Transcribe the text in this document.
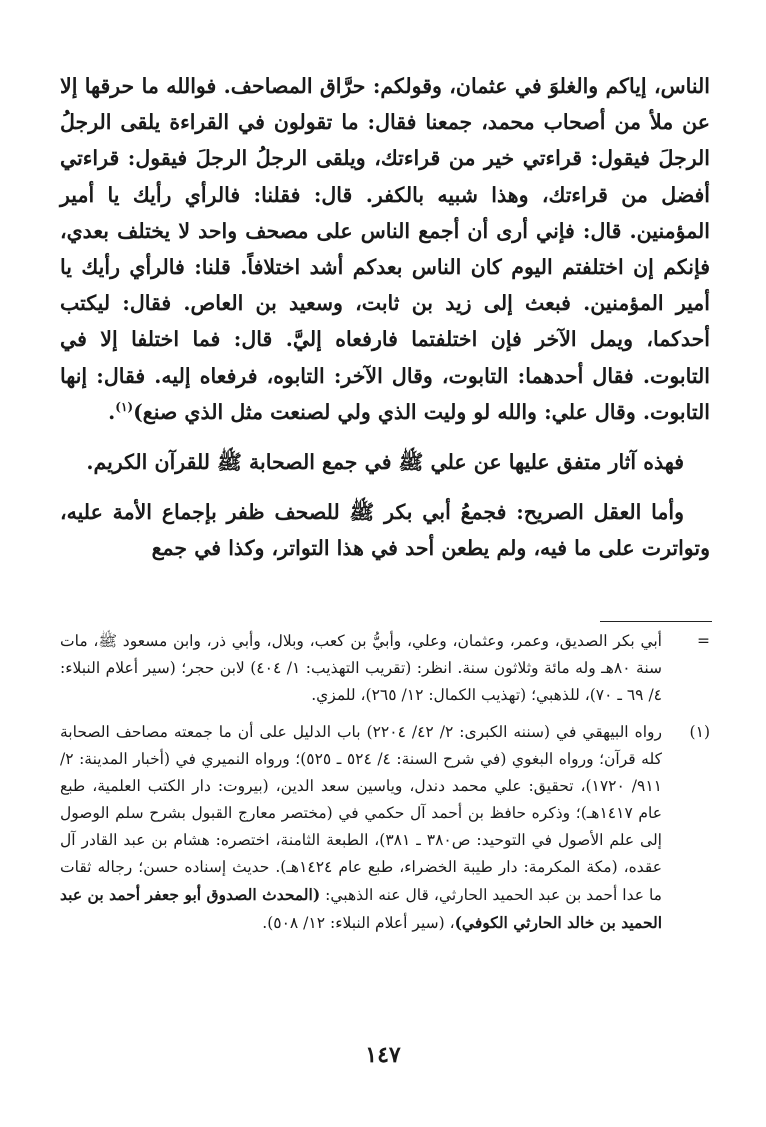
الناس، إياكم والغلوَ في عثمان، وقولكم: حرَّاق المصاحف. فوالله ما حرقها إلا عن ملأ من أصحاب محمد، جمعنا فقال: ما تقولون في القراءة يلقى الرجلُ الرجلَ فيقول: قراءتي خير من قراءتك، ويلقى الرجلُ الرجلَ فيقول: قراءتي أفضل من قراءتك، وهذا شبيه بالكفر. قال: فقلنا: فالرأي رأيك يا أمير المؤمنين. قال: فإني أرى أن أجمع الناس على مصحف واحد لا يختلف بعدي، فإنكم إن اختلفتم اليوم كان الناس بعدكم أشد اختلافاً. قلنا: فالرأي رأيك يا أمير المؤمنين. فبعث إلى زيد بن ثابت، وسعيد بن العاص. فقال: ليكتب أحدكما، ويمل الآخر فإن اختلفتما فارفعاه إليَّ. قال: فما اختلفا إلا في التابوت. فقال أحدهما: التابوت، وقال الآخر: التابوه، فرفعاه إليه. فقال: إنها التابوت. وقال علي: والله لو وليت الذي ولي لصنعت مثل الذي صنع)$^{(١)}$.

فهذه آثار متفق عليها عن علي ﷺ في جمع الصحابة ﷺ للقرآن الكريم.

وأما العقل الصريح: فجمعُ أبي بكر ﷺ للصحف ظفر بإجماع الأمة عليه، وتواترت على ما فيه، ولم يطعن أحد في هذا التواتر، وكذا في جمع

=
أبي بكر الصديق، وعمر، وعثمان، وعلي، وأبيُّ بن كعب، وبلال، وأبي ذر، وابن مسعود ﷺ، مات سنة ٨٠هـ وله مائة وثلاثون سنة. انظر: (تقريب التهذيب: ١/ ٤٠٤) لابن حجر؛ (سير أعلام النبلاء: ٤/ ٦٩ ـ ٧٠)، للذهبي؛ (تهذيب الكمال: ١٢/ ٢٦٥)، للمزي.
(١)
رواه البيهقي في (سننه الكبرى: ٢/ ٤٢/ ٢٢٠٤) باب الدليل على أن ما جمعته مصاحف الصحابة كله قرآن؛ ورواه البغوي (في شرح السنة: ٤/ ٥٢٤ ـ ٥٢٥)؛ ورواه النميري في (أخبار المدينة: ٢/ ٩١١/ ١٧٢٠)، تحقيق: علي محمد دندل، وياسين سعد الدين، (بيروت: دار الكتب العلمية، طبع عام ١٤١٧هـ)؛ وذكره حافظ بن أحمد آل حكمي في (مختصر معارج القبول بشرح سلم الوصول إلى علم الأصول في التوحيد: ص٣٨٠ ـ ٣٨١)، الطبعة الثامنة، اختصره: هشام بن عبد القادر آل عقده، (مكة المكرمة: دار طيبة الخضراء، طبع عام ١٤٢٤هـ). حديث إسناده حسن؛ رجاله ثقات ما عدا أحمد بن عبد الحميد الحارثي، قال عنه الذهبي: (المحدث الصدوق أبو جعفر أحمد بن عبد الحميد بن خالد الحارثي الكوفي)، (سير أعلام النبلاء: ١٢/ ٥٠٨).
١٤٧
